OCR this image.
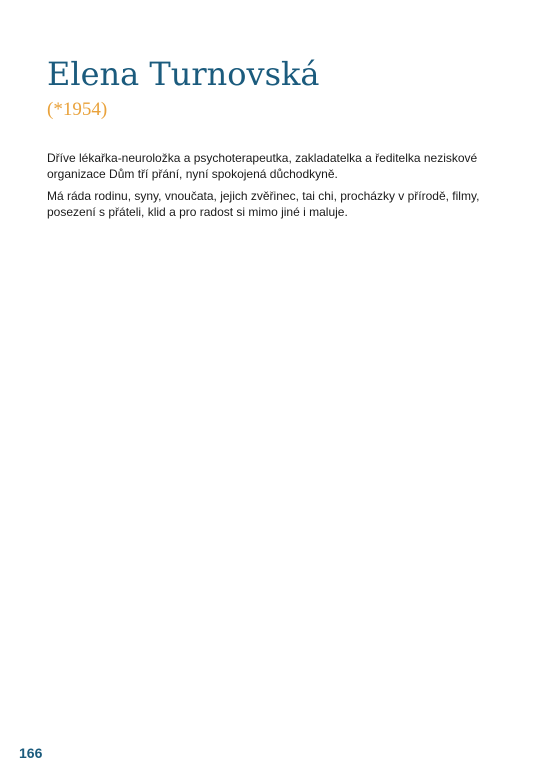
Elena Turnovská
(*1954)

Dříve lékařka-neuroložka a psychoterapeutka, zakladatelka a ředitelka neziskové organizace Dům tří přání, nyní spokojená důchodkyně.

Má ráda rodinu, syny, vnoučata, jejich zvěřinec, tai chi, procházky v přírodě, filmy, posezení s přáteli, klid a pro radost si mimo jiné i maluje.

166
